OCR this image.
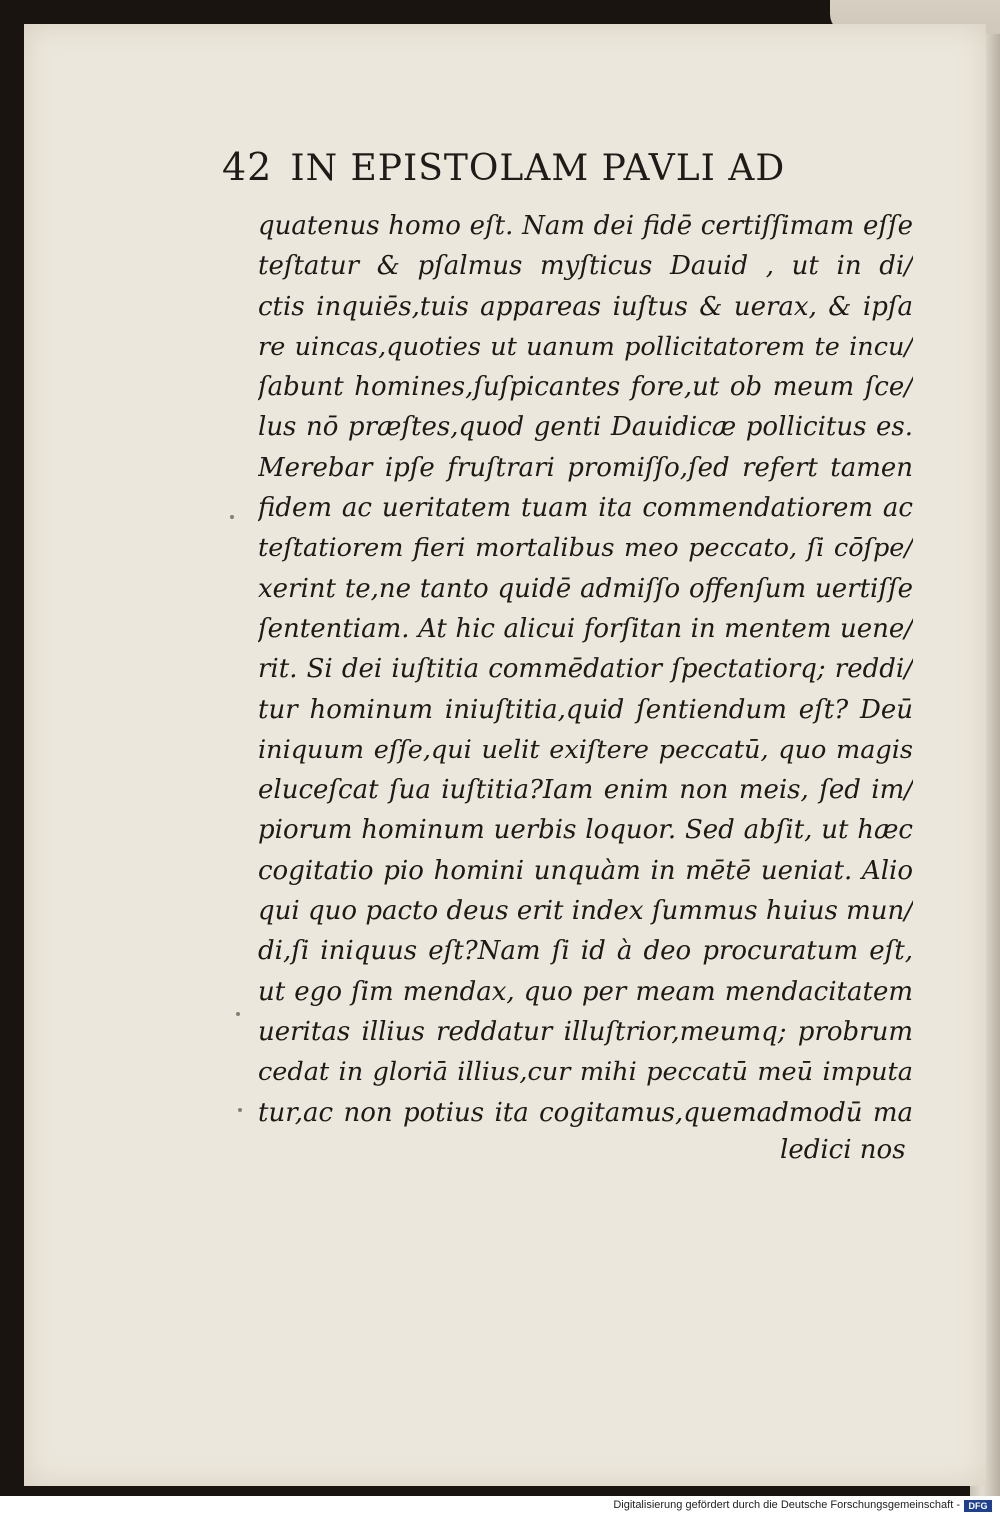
42 IN EPISTOLAM PAVLI AD
quatenus homo eſt. Nam dei fidē certiſſimam eſſe
teſtatur & pſalmus myſticus Dauid , ut in di/
ctis inquiēs,tuis appareas iuſtus & uerax, & ipſa
re uincas,quoties ut uanum pollicitatorem te incu/
ſabunt homines,ſuſpicantes fore,ut ob meum ſce/
lus nō præſtes,quod genti Dauidicæ pollicitus es.
Merebar ipſe fruſtrari promiſſo,ſed refert tamen
fidem ac ueritatem tuam ita commendatiorem ac
teſtatiorem fieri mortalibus meo peccato, ſi cōſpe/
xerint te,ne tanto quidē admiſſo offenſum uertiſſe
ſententiam. At hic alicui forſitan in mentem uene/
rit. Si dei iuſtitia commēdatior ſpectatiorq; reddi/
tur hominum iniuſtitia,quid ſentiendum eſt? Deū
iniquum eſſe,qui uelit exiſtere peccatū, quo magis
eluceſcat ſua iuſtitia?Iam enim non meis, ſed im/
piorum hominum uerbis loquor. Sed abſit, ut hæc
cogitatio pio homini unquàm in mētē ueniat. Alio
qui quo pacto deus erit index ſummus huius mun/
di,ſi iniquus eſt?Nam ſi id à deo procuratum eſt,
ut ego ſim mendax, quo per meam mendacitatem
ueritas illius reddatur illuſtrior,meumq; probrum
cedat in gloriā illius,cur mihi peccatū meū imputa
tur,ac non potius ita cogitamus,quemadmodū ma
ledici nos
Digitalisierung gefördert durch die Deutsche Forschungsgemeinschaft - DFG
